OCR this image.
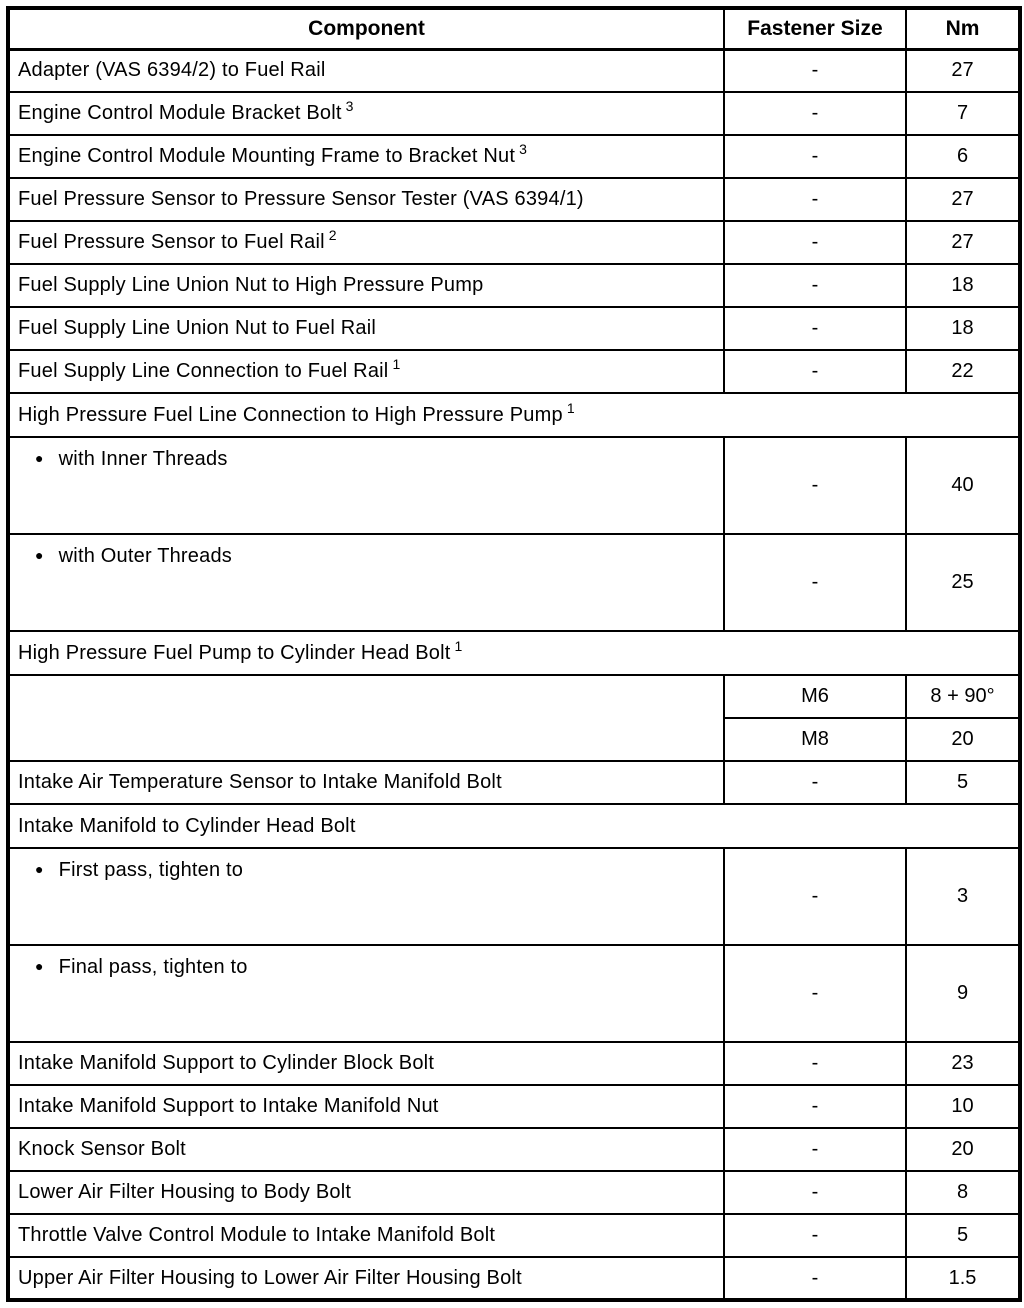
Component	Fastener Size	Nm
Adapter (VAS 6394/2) to Fuel Rail	-	27
Engine Control Module Bracket Bolt $^3$	-	7
Engine Control Module Mounting Frame to Bracket Nut $^3$	-	6
Fuel Pressure Sensor to Pressure Sensor Tester (VAS 6394/1)	-	27
Fuel Pressure Sensor to Fuel Rail $^2$	-	27
Fuel Supply Line Union Nut to High Pressure Pump	-	18
Fuel Supply Line Union Nut to Fuel Rail	-	18
Fuel Supply Line Connection to Fuel Rail $^1$	-	22
High Pressure Fuel Line Connection to High Pressure Pump $^1$
● with Inner Threads	-	40
● with Outer Threads	-	25
High Pressure Fuel Pump to Cylinder Head Bolt $^1$
	M6	8 + 90°
	M8	20
Intake Air Temperature Sensor to Intake Manifold Bolt	-	5
Intake Manifold to Cylinder Head Bolt		
● First pass, tighten to	-	3
● Final pass, tighten to	-	9
Intake Manifold Support to Cylinder Block Bolt	-	23
Intake Manifold Support to Intake Manifold Nut	-	10
Knock Sensor Bolt	-	20
Lower Air Filter Housing to Body Bolt	-	8
Throttle Valve Control Module to Intake Manifold Bolt	-	5
Upper Air Filter Housing to Lower Air Filter Housing Bolt	-	1.5
